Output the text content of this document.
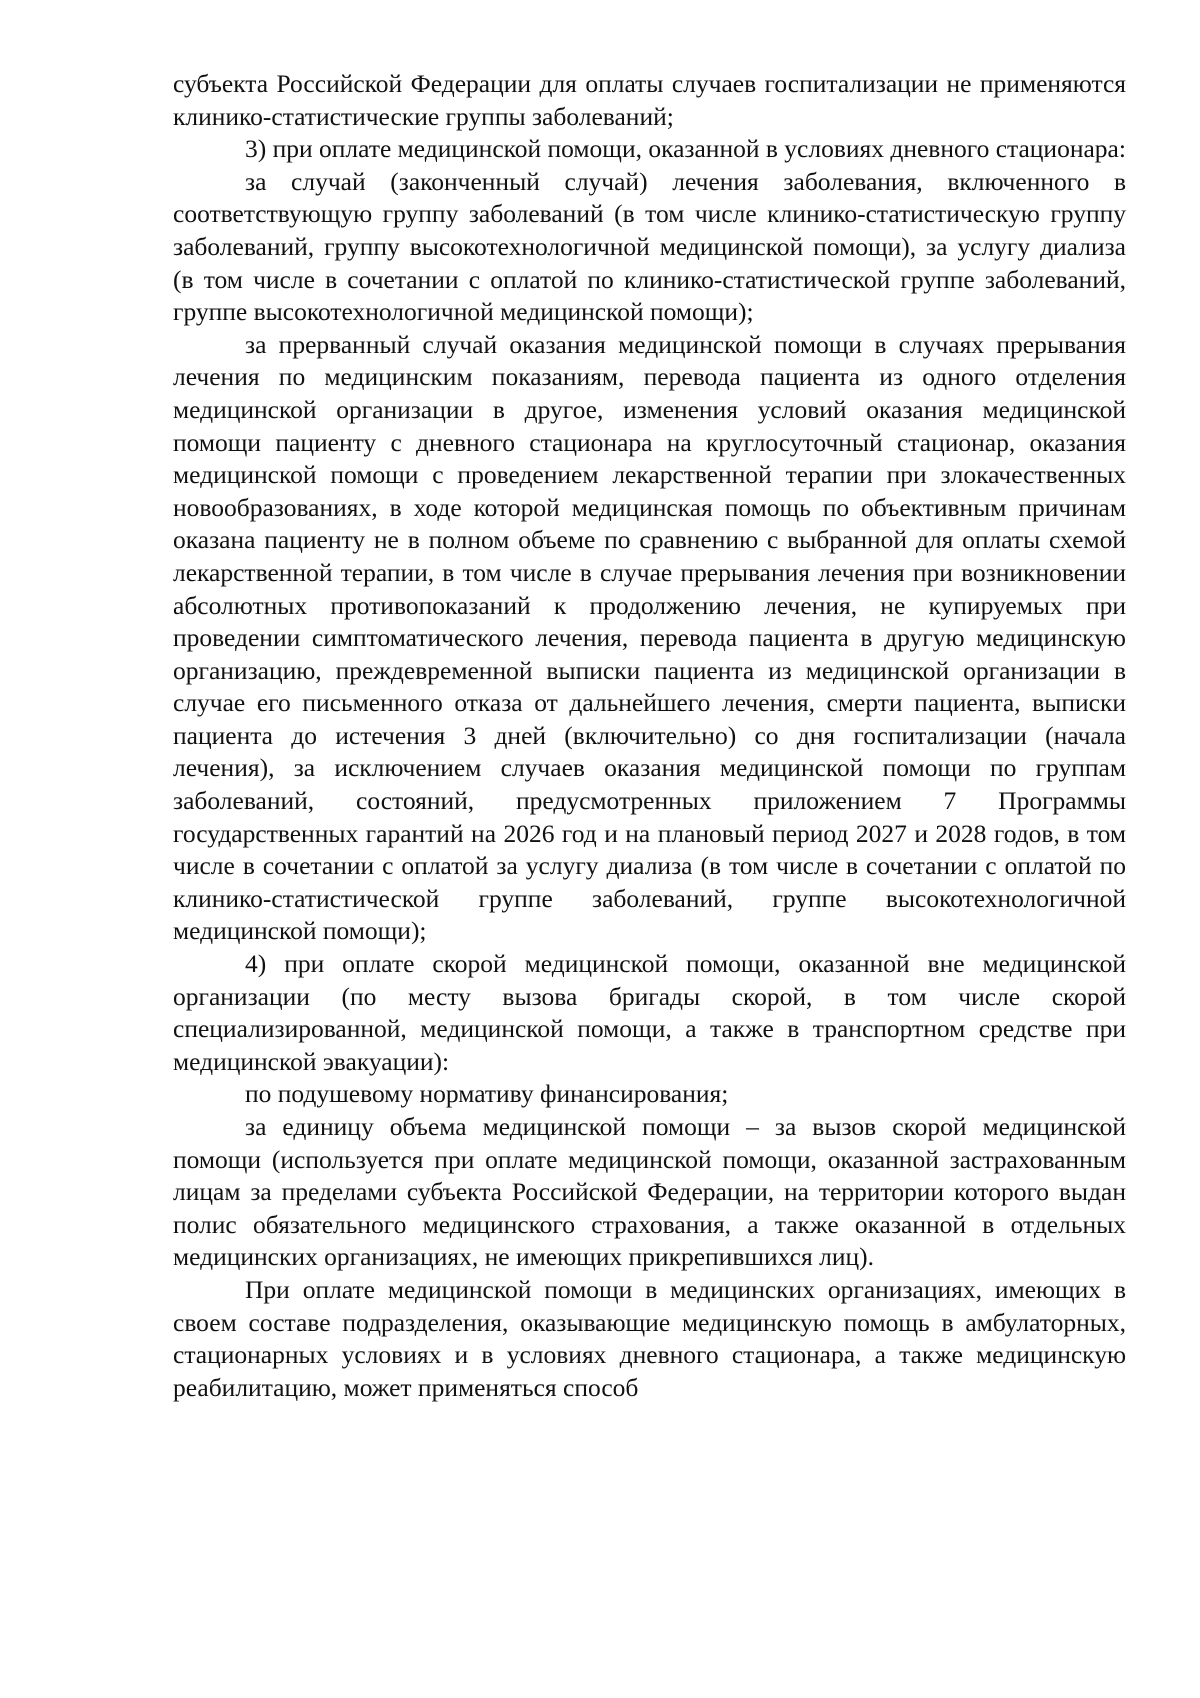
субъекта Российской Федерации для оплаты случаев госпитализации не применяются клинико-статистические группы заболеваний;

3) при оплате медицинской помощи, оказанной в условиях дневного стационара:

за случай (законченный случай) лечения заболевания, включенного в соответствующую группу заболеваний (в том числе клинико-статистическую группу заболеваний, группу высокотехнологичной медицинской помощи), за услугу диализа (в том числе в сочетании с оплатой по клинико-статистической группе заболеваний, группе высокотехнологичной медицинской помощи);

за прерванный случай оказания медицинской помощи в случаях прерывания лечения по медицинским показаниям, перевода пациента из одного отделения медицинской организации в другое, изменения условий оказания медицинской помощи пациенту с дневного стационара на круглосуточный стационар, оказания медицинской помощи с проведением лекарственной терапии при злокачественных новообразованиях, в ходе которой медицинская помощь по объективным причинам оказана пациенту не в полном объеме по сравнению с выбранной для оплаты схемой лекарственной терапии, в том числе в случае прерывания лечения при возникновении абсолютных противопоказаний к продолжению лечения, не купируемых при проведении симптоматического лечения, перевода пациента в другую медицинскую организацию, преждевременной выписки пациента из медицинской организации в случае его письменного отказа от дальнейшего лечения, смерти пациента, выписки пациента до истечения 3 дней (включительно) со дня госпитализации (начала лечения), за исключением случаев оказания медицинской помощи по группам заболеваний, состояний, предусмотренных приложением 7 Программы государственных гарантий на 2026 год и на плановый период 2027 и 2028 годов, в том числе в сочетании с оплатой за услугу диализа (в том числе в сочетании с оплатой по клинико-статистической группе заболеваний, группе высокотехнологичной медицинской помощи);

4) при оплате скорой медицинской помощи, оказанной вне медицинской организации (по месту вызова бригады скорой, в том числе скорой специализированной, медицинской помощи, а также в транспортном средстве при медицинской эвакуации):

по подушевому нормативу финансирования;

за единицу объема медицинской помощи – за вызов скорой медицинской помощи (используется при оплате медицинской помощи, оказанной застрахованным лицам за пределами субъекта Российской Федерации, на территории которого выдан полис обязательного медицинского страхования, а также оказанной в отдельных медицинских организациях, не имеющих прикрепившихся лиц).

При оплате медицинской помощи в медицинских организациях, имеющих в своем составе подразделения, оказывающие медицинскую помощь в амбулаторных, стационарных условиях и в условиях дневного стационара, а также медицинскую реабилитацию, может применяться способ
